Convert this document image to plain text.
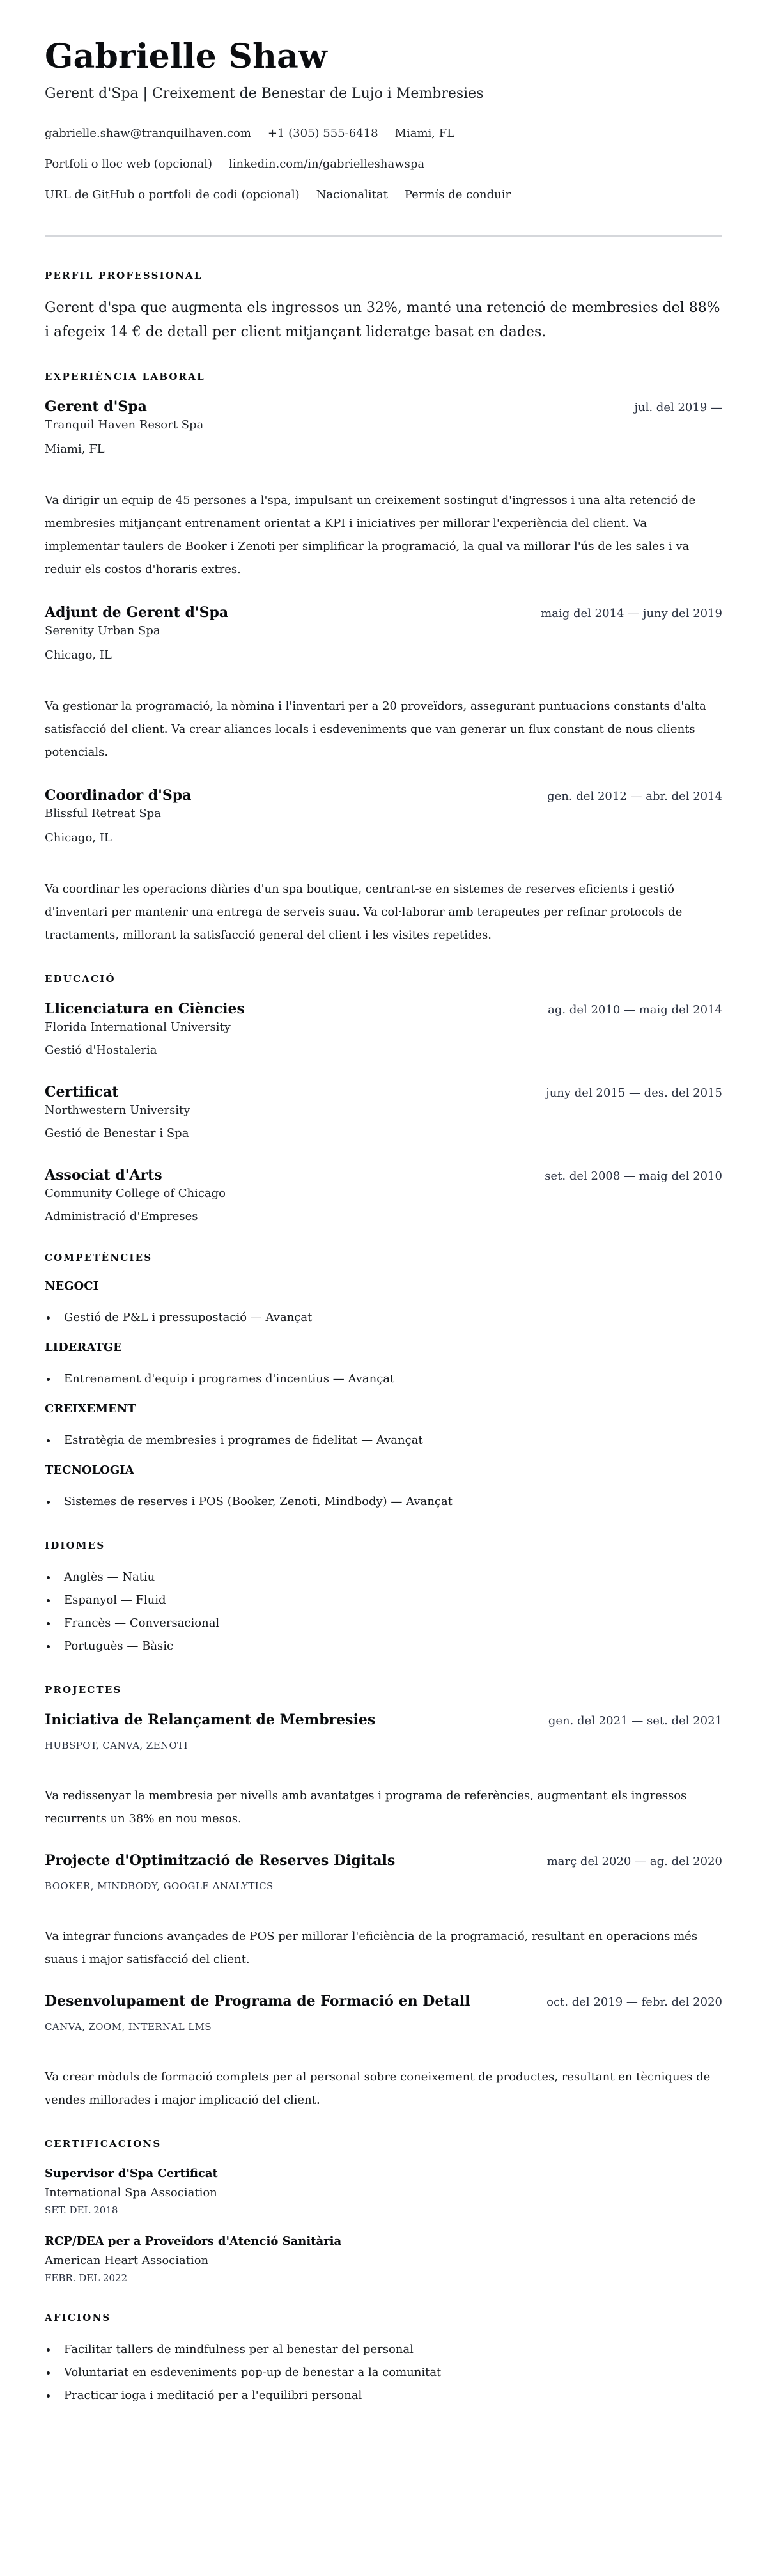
Gabrielle Shaw
Gerent d'Spa | Creixement de Benestar de Lujo i Membresies
gabrielle.shaw@tranquilhaven.com +1 (305) 555-6418 Miami, FL
Portfoli o lloc web (opcional) linkedin.com/in/gabrielleshawspa
URL de GitHub o portfoli de codi (opcional) Nacionalitat Permís de conduir
PERFIL PROFESSIONAL

Gerent d'spa que augmenta els ingressos un 32%, manté una retenció de membresies del 88% i afegeix 14 € de detall per client mitjançant lideratge basat en dades.

EXPERIÈNCIA LABORAL
Gerent d'Spa	jul. del 2019 —
Tranquil Haven Resort Spa
Miami, FL

Va dirigir un equip de 45 persones a l'spa, impulsant un creixement sostingut d'ingressos i una alta retenció de membresies mitjançant entrenament orientat a KPI i iniciatives per millorar l'experiència del client. Va implementar taulers de Booker i Zenoti per simplificar la programació, la qual va millorar l'ús de les sales i va reduir els costos d'horaris extres.

Adjunt de Gerent d'Spa	maig del 2014 — juny del 2019
Serenity Urban Spa
Chicago, IL

Va gestionar la programació, la nòmina i l'inventari per a 20 proveïdors, assegurant puntuacions constants d'alta satisfacció del client. Va crear aliances locals i esdeveniments que van generar un flux constant de nous clients potencials.

Coordinador d'Spa	gen. del 2012 — abr. del 2014
Blissful Retreat Spa
Chicago, IL

Va coordinar les operacions diàries d'un spa boutique, centrant-se en sistemes de reserves eficients i gestió d'inventari per mantenir una entrega de serveis suau. Va col·laborar amb terapeutes per refinar protocols de tractaments, millorant la satisfacció general del client i les visites repetides.

EDUCACIÓ
Llicenciatura en Ciències	ag. del 2010 — maig del 2014
Florida International University
Gestió d'Hostaleria
Certificat	juny del 2015 — des. del 2015
Northwestern University
Gestió de Benestar i Spa
Associat d'Arts	set. del 2008 — maig del 2010
Community College of Chicago
Administració d'Empreses
COMPETÈNCIES
NEGOCI
Gestió de P&L i pressupostació — Avançat
LIDERATGE
Entrenament d'equip i programes d'incentius — Avançat
CREIXEMENT
Estratègia de membresies i programes de fidelitat — Avançat
TECNOLOGIA
Sistemes de reserves i POS (Booker, Zenoti, Mindbody) — Avançat
IDIOMES
Anglès — Natiu
Espanyol — Fluid
Francès — Conversacional
Portuguès — Bàsic
PROJECTES
Iniciativa de Relançament de Membresies	gen. del 2021 — set. del 2021
HUBSPOT, CANVA, ZENOTI

Va redissenyar la membresia per nivells amb avantatges i programa de referències, augmentant els ingressos recurrents un 38% en nou mesos.

Projecte d'Optimització de Reserves Digitals	març del 2020 — ag. del 2020
BOOKER, MINDBODY, GOOGLE ANALYTICS

Va integrar funcions avançades de POS per millorar l'eficiència de la programació, resultant en operacions més suaus i major satisfacció del client.

Desenvolupament de Programa de Formació en Detall	oct. del 2019 — febr. del 2020
CANVA, ZOOM, INTERNAL LMS

Va crear mòduls de formació complets per al personal sobre coneixement de productes, resultant en tècniques de vendes millorades i major implicació del client.

CERTIFICACIONS
Supervisor d'Spa Certificat
International Spa Association
SET. DEL 2018
RCP/DEA per a Proveïdors d'Atenció Sanitària
American Heart Association
FEBR. DEL 2022
AFICIONS
Facilitar tallers de mindfulness per al benestar del personal
Voluntariat en esdeveniments pop-up de benestar a la comunitat
Practicar ioga i meditació per a l'equilibri personal
